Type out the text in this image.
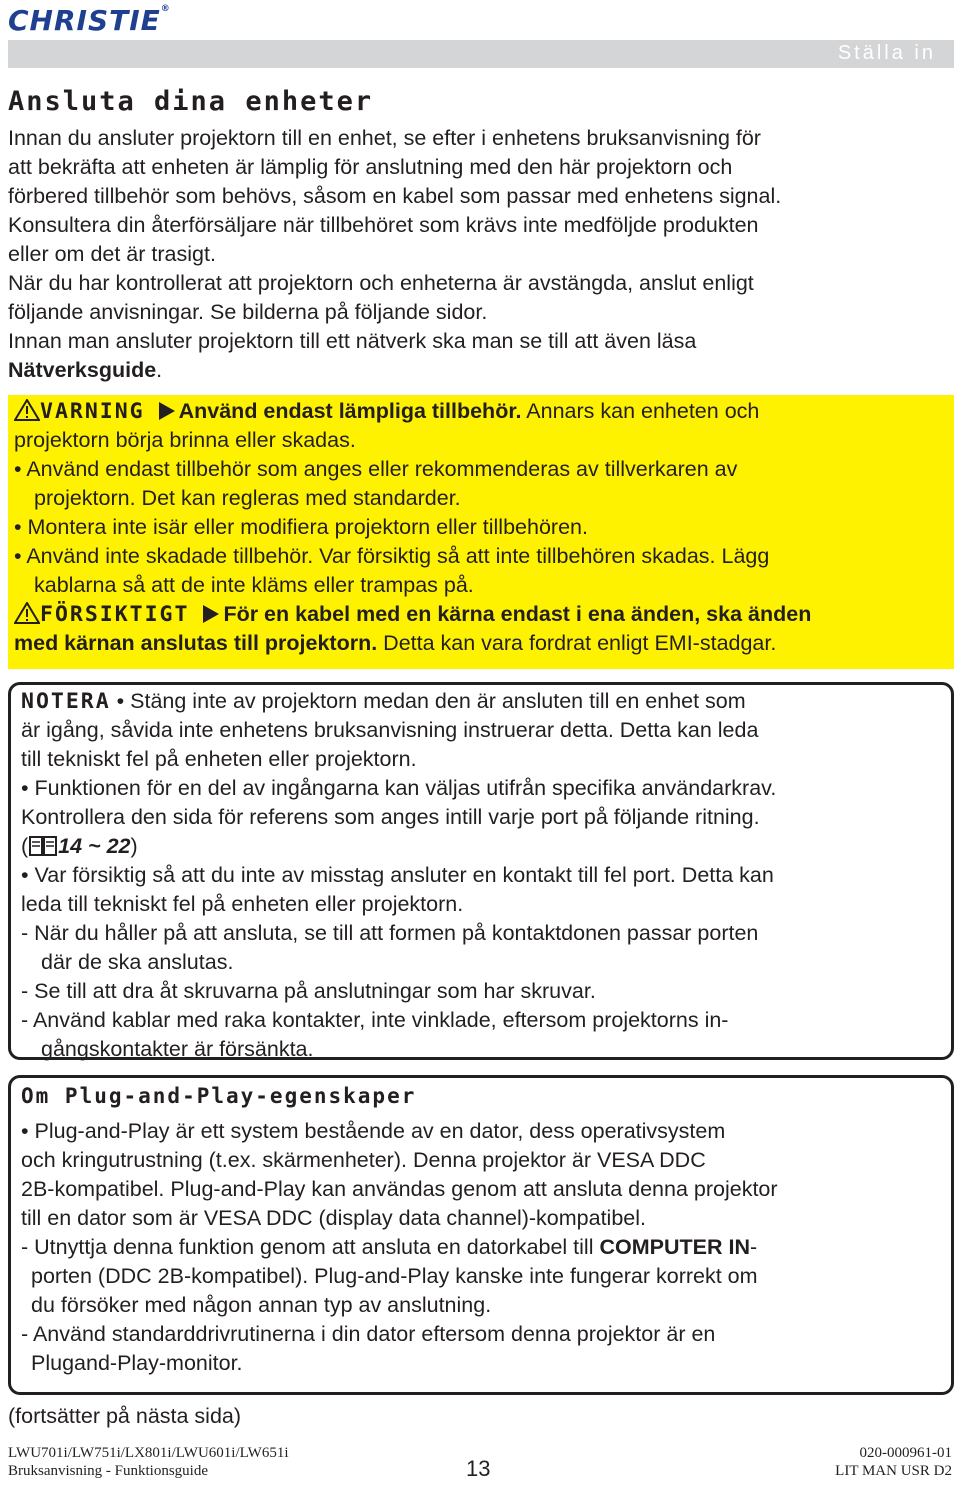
CHRISTIE®
Ställa in
Ansluta dina enheter
Innan du ansluter projektorn till en enhet, se efter i enhetens bruksanvisning för
att bekräfta att enheten är lämplig för anslutning med den här projektorn och
förbered tillbehör som behövs, såsom en kabel som passar med enhetens signal.
Konsultera din återförsäljare när tillbehöret som krävs inte medföljde produkten
eller om det är trasigt.
När du har kontrollerat att projektorn och enheterna är avstängda, anslut enligt
följande anvisningar. Se bilderna på följande sidor.
Innan man ansluter projektorn till ett nätverk ska man se till att även läsa
Nätverksguide.
VARNING Använd endast lämpliga tillbehör. Annars kan enheten och
projektorn börja brinna eller skadas.
• Använd endast tillbehör som anges eller rekommenderas av tillverkaren av
projektorn. Det kan regleras med standarder.
• Montera inte isär eller modifiera projektorn eller tillbehören.
• Använd inte skadade tillbehör. Var försiktig så att inte tillbehören skadas. Lägg
kablarna så att de inte kläms eller trampas på.
FÖRSIKTIGT För en kabel med en kärna endast i ena änden, ska änden
med kärnan anslutas till projektorn. Detta kan vara fordrat enligt EMI-stadgar.
NOTERA • Stäng inte av projektorn medan den är ansluten till en enhet som
är igång, såvida inte enhetens bruksanvisning instruerar detta. Detta kan leda
till tekniskt fel på enheten eller projektorn.
• Funktionen för en del av ingångarna kan väljas utifrån specifika användarkrav.
Kontrollera den sida för referens som anges intill varje port på följande ritning.
( 14 ~ 22)
• Var försiktig så att du inte av misstag ansluter en kontakt till fel port. Detta kan
leda till tekniskt fel på enheten eller projektorn.
- När du håller på att ansluta, se till att formen på kontaktdonen passar porten
där de ska anslutas.
- Se till att dra åt skruvarna på anslutningar som har skruvar.
- Använd kablar med raka kontakter, inte vinklade, eftersom projektorns in-
gångskontakter är försänkta.
Om Plug-and-Play-egenskaper
• Plug-and-Play är ett system bestående av en dator, dess operativsystem
och kringutrustning (t.ex. skärmenheter). Denna projektor är VESA DDC
2B-kompatibel. Plug-and-Play kan användas genom att ansluta denna projektor
till en dator som är VESA DDC (display data channel)-kompatibel.
- Utnyttja denna funktion genom att ansluta en datorkabel till COMPUTER IN-
porten (DDC 2B-kompatibel). Plug-and-Play kanske inte fungerar korrekt om
du försöker med någon annan typ av anslutning.
- Använd standarddrivrutinerna i din dator eftersom denna projektor är en
Plugand-Play-monitor.
(fortsätter på nästa sida)
LWU701i/LW751i/LX801i/LWU601i/LW651i
Bruksanvisning - Funktionsguide	13
020-000961-01
LIT MAN USR D2
